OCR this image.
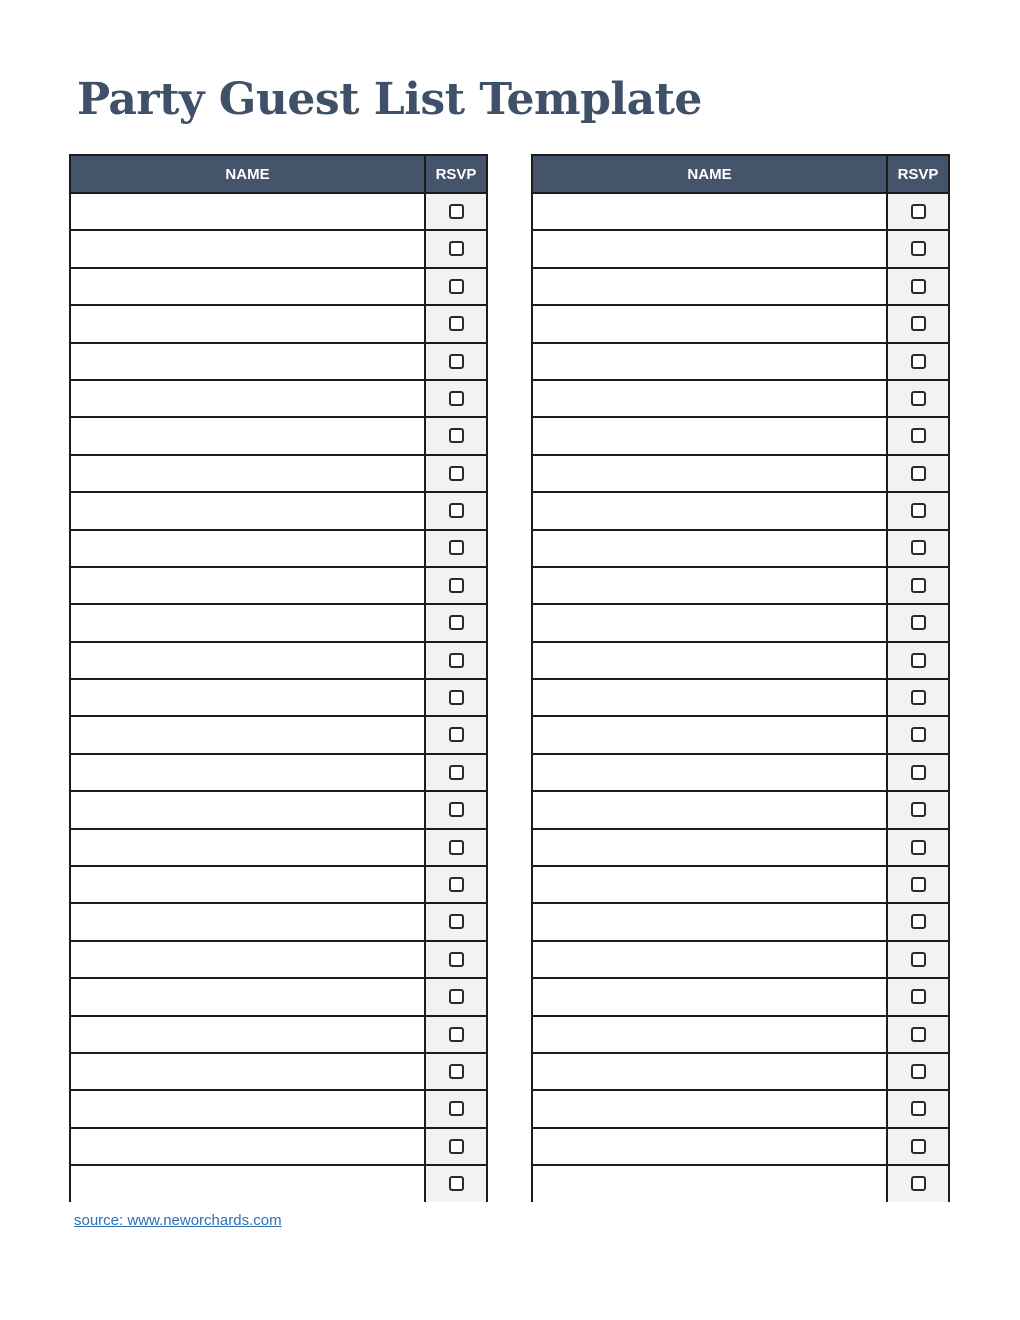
Party Guest List Template
NAME	RSVP

		NAME	RSVP

source: www.neworchards.com
